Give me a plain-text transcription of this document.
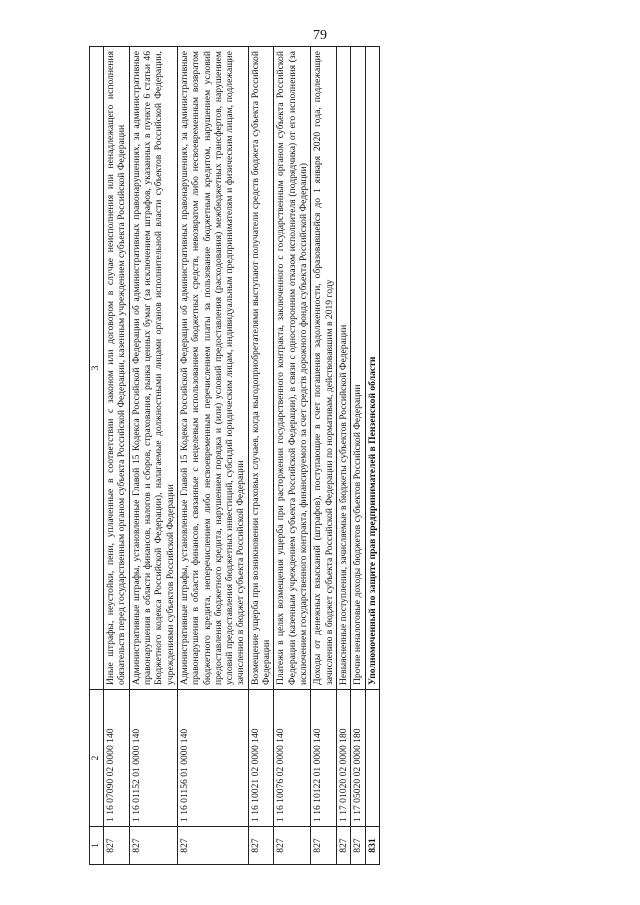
79
1	2	3
827	1 16 07090 02 0000 140	Иные штрафы, неустойки, пени, уплаченные в соответствии с законом или договором в случае неисполнения или ненадлежащего исполнения обязательств перед государственным органом субъекта Российской Федерации, казенным учреждением субъекта Российской Федерации
827	1 16 01152 01 0000 140	Административные штрафы, установленные Главой 15 Кодекса Российской Федерации об административных правонарушениях, за административные правонарушения в области финансов, налогов и сборов, страхования, рынка ценных бумаг (за исключением штрафов, указанных в пункте 6 статьи 46 Бюджетного кодекса Российской Федерации), налагаемые должностными лицами органов исполнительной власти субъектов Российской Федерации, учреждениями субъектов Российской Федерации
827	1 16 01156 01 0000 140	Административные штрафы, установленные Главой 15 Кодекса Российской Федерации об административных правонарушениях, за административные правонарушения в области финансов, связанные с нецелевым использованием бюджетных средств, невозвратом либо несвоевременным возвратом бюджетного кредита, неперечислением либо несвоевременным перечислением платы за пользование бюджетным кредитом, нарушением условий предоставления бюджетного кредита, нарушением порядка и (или) условий предоставления (расходования) межбюджетных трансфертов, нарушением условий предоставления бюджетных инвестиций, субсидий юридическим лицам, индивидуальным предпринимателям и физическим лицам, подлежащие зачислению в бюджет субъекта Российской Федерации
827	1 16 10021 02 0000 140	Возмещение ущерба при возникновении страховых случаев, когда выгодоприобретателями выступают получатели средств бюджета субъекта Российской Федерации
827	1 16 10076 02 0000 140	Платежи в целях возмещения ущерба при расторжении государственного контракта, заключенного с государственным органом субъекта Российской Федерации (казенным учреждением субъекта Российской Федерации), в связи с односторонним отказом исполнителя (подрядчика) от его исполнения (за исключением государственного контракта, финансируемого за счет средств дорожного фонда субъекта Российской Федерации)
827	1 16 10122 01 0000 140	Доходы от денежных взысканий (штрафов), поступающие в счет погашения задолженности, образовавшейся до 1 января 2020 года, подлежащие зачислению в бюджет субъекта Российской Федерации по нормативам, действовавшим в 2019 году
827	1 17 01020 02 0000 180	Невыясненные поступления, зачисляемые в бюджеты субъектов Российской Федерации
827	1 17 05020 02 0000 180	Прочие неналоговые доходы бюджетов субъектов Российской Федерации
831		Уполномоченный по защите прав предпринимателей в Пензенской области
